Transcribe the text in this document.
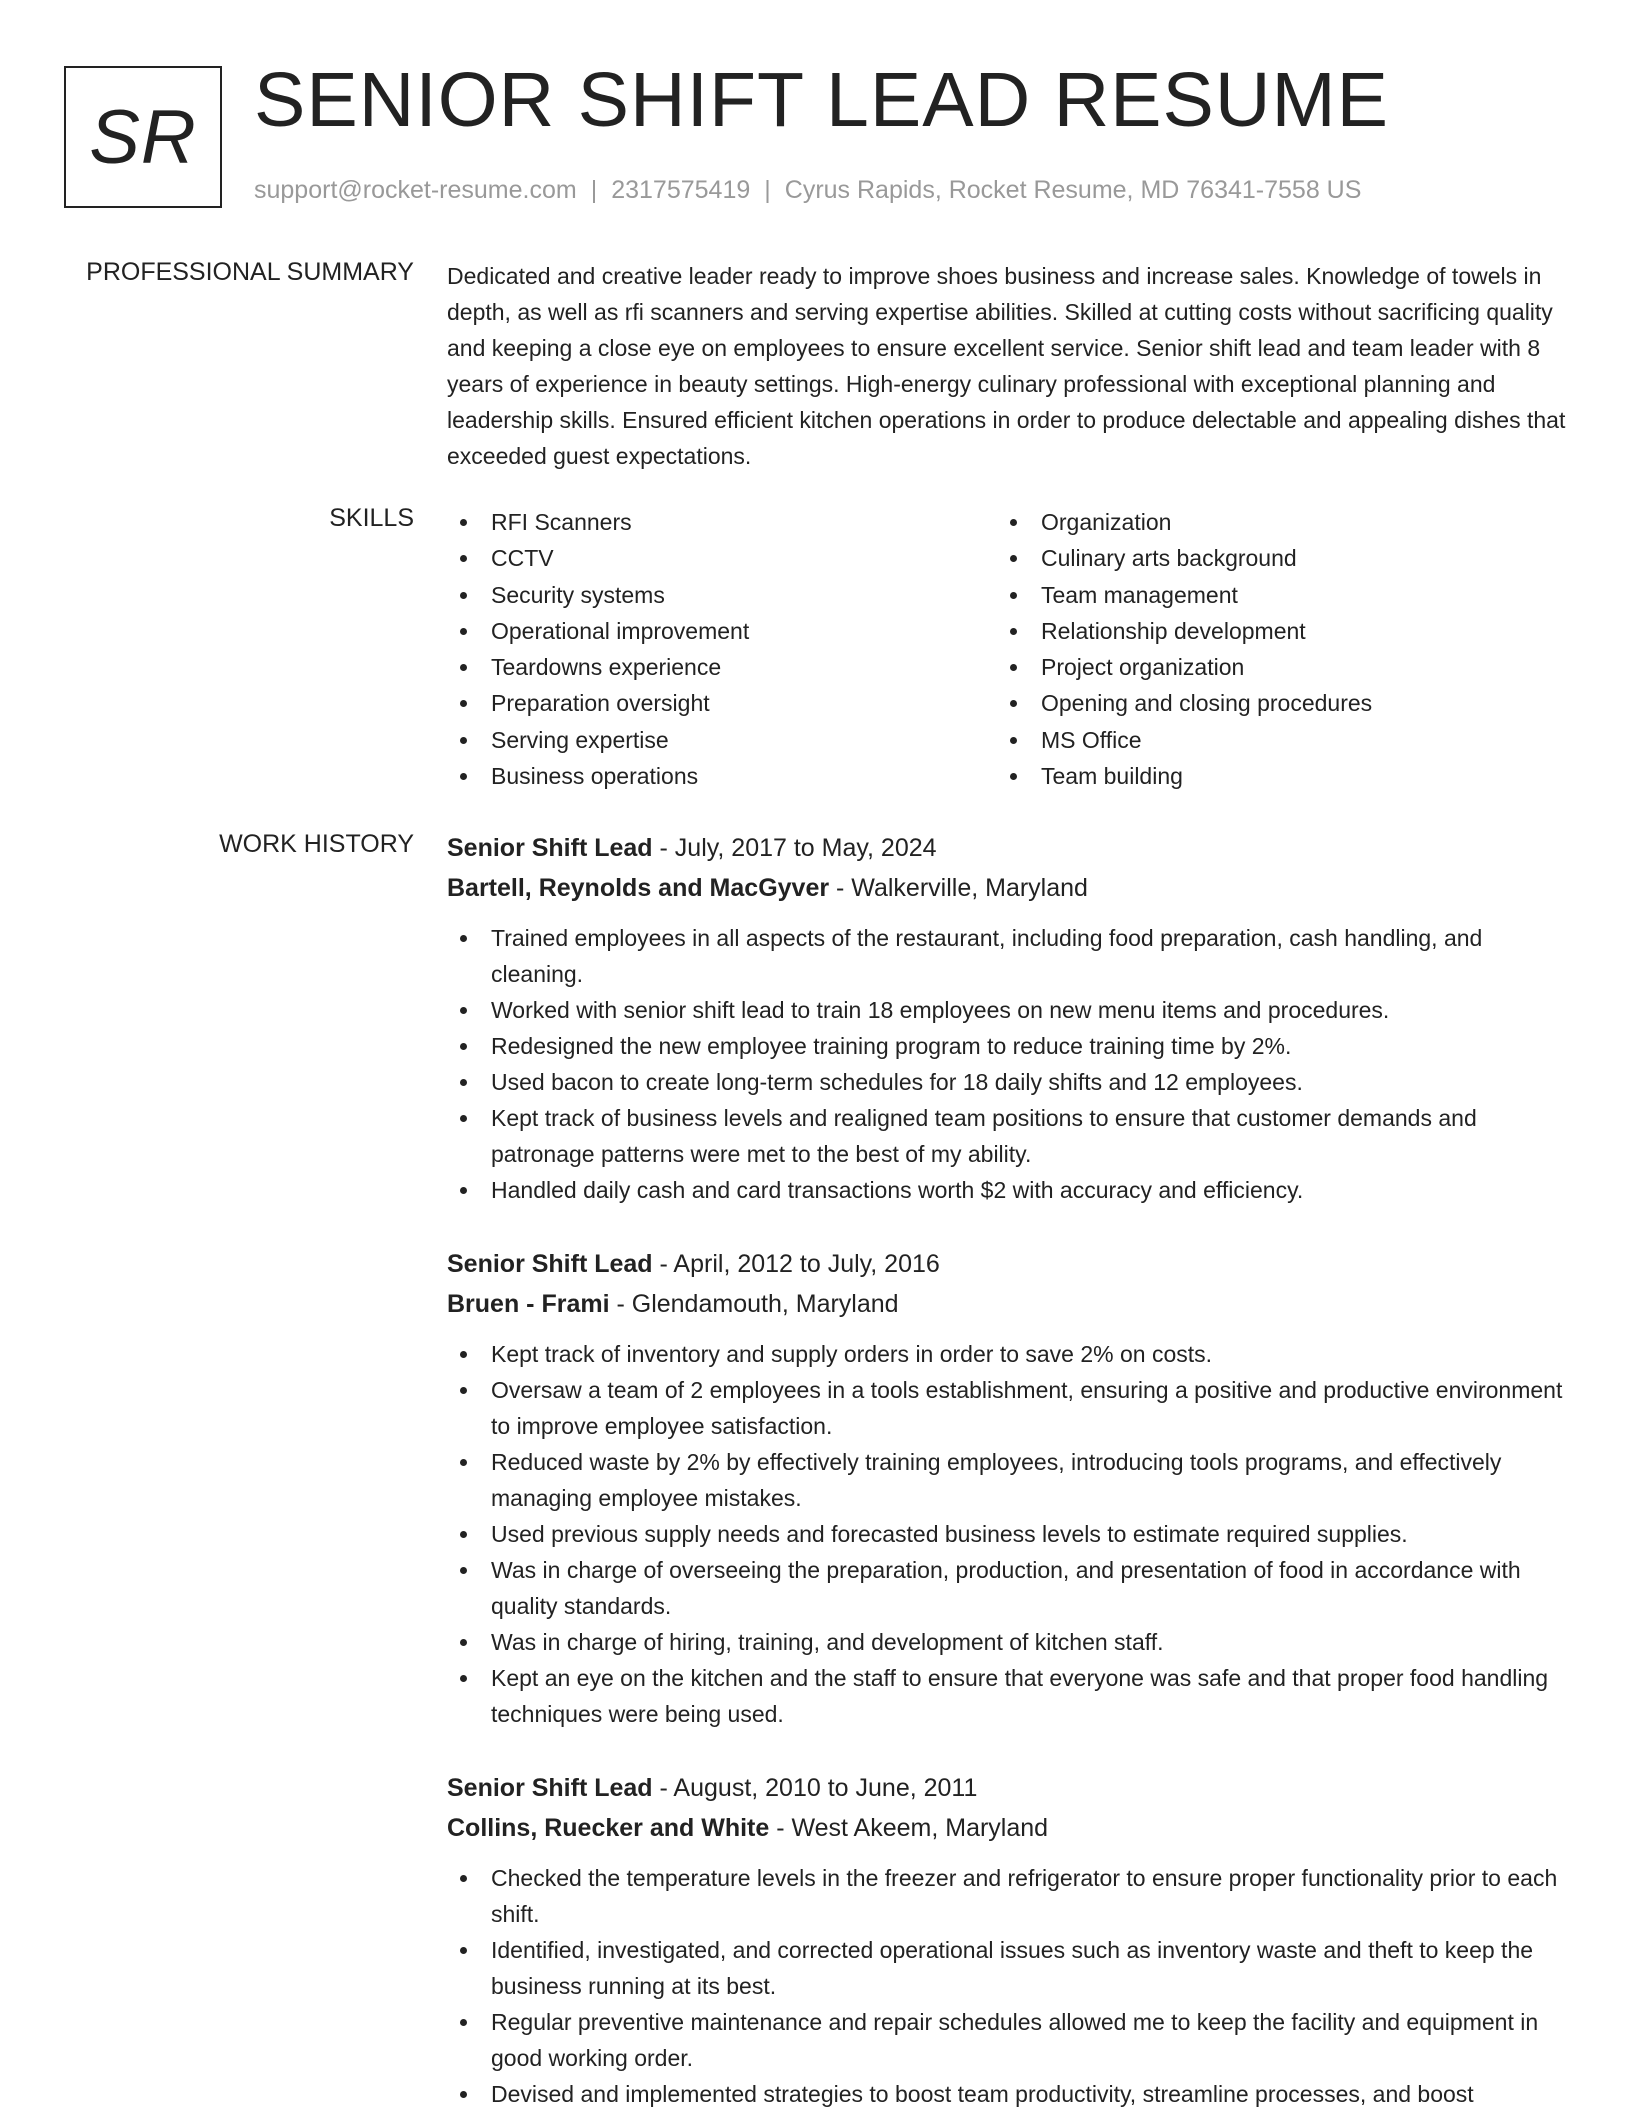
SR SENIOR SHIFT LEAD RESUME
support@rocket-resume.com | 2317575419 | Cyrus Rapids, Rocket Resume, MD 76341-7558 US
PROFESSIONAL SUMMARY Dedicated and creative leader ready to improve shoes business and increase sales. Knowledge of towels in depth, as well as rfi scanners and serving expertise abilities. Skilled at cutting costs without sacrificing quality and keeping a close eye on employees to ensure excellent service. Senior shift lead and team leader with 8 years of experience in beauty settings. High-energy culinary professional with exceptional planning and leadership skills. Ensured efficient kitchen operations in order to produce delectable and appealing dishes that exceeded guest expectations.

SKILLS	RFI Scanners
CCTV
Security systems
Operational improvement
Teardowns experience
Preparation oversight
Serving expertise
Business operations
Organization
Culinary arts background
Team management
Relationship development
Project organization
Opening and closing procedures
MS Office
Team building
WORK HISTORY Senior Shift Lead - July, 2017 to May, 2024
Bartell, Reynolds and MacGyver - Walkerville, Maryland
Trained employees in all aspects of the restaurant, including food preparation, cash handling, and cleaning.
Worked with senior shift lead to train 18 employees on new menu items and procedures.
Redesigned the new employee training program to reduce training time by 2%.
Used bacon to create long-term schedules for 18 daily shifts and 12 employees.
Kept track of business levels and realigned team positions to ensure that customer demands and patronage patterns were met to the best of my ability.
Handled daily cash and card transactions worth $2 with accuracy and efficiency.
Senior Shift Lead - April, 2012 to July, 2016
Bruen - Frami - Glendamouth, Maryland
Kept track of inventory and supply orders in order to save 2% on costs.
Oversaw a team of 2 employees in a tools establishment, ensuring a positive and productive environment to improve employee satisfaction.
Reduced waste by 2% by effectively training employees, introducing tools programs, and effectively managing employee mistakes.
Used previous supply needs and forecasted business levels to estimate required supplies.
Was in charge of overseeing the preparation, production, and presentation of food in accordance with quality standards.
Was in charge of hiring, training, and development of kitchen staff.
Kept an eye on the kitchen and the staff to ensure that everyone was safe and that proper food handling techniques were being used.
Senior Shift Lead - August, 2010 to June, 2011
Collins, Ruecker and White - West Akeem, Maryland
Checked the temperature levels in the freezer and refrigerator to ensure proper functionality prior to each shift.
Identified, investigated, and corrected operational issues such as inventory waste and theft to keep the business running at its best.
Regular preventive maintenance and repair schedules allowed me to keep the facility and equipment in good working order.
Devised and implemented strategies to boost team productivity, streamline processes, and boost
